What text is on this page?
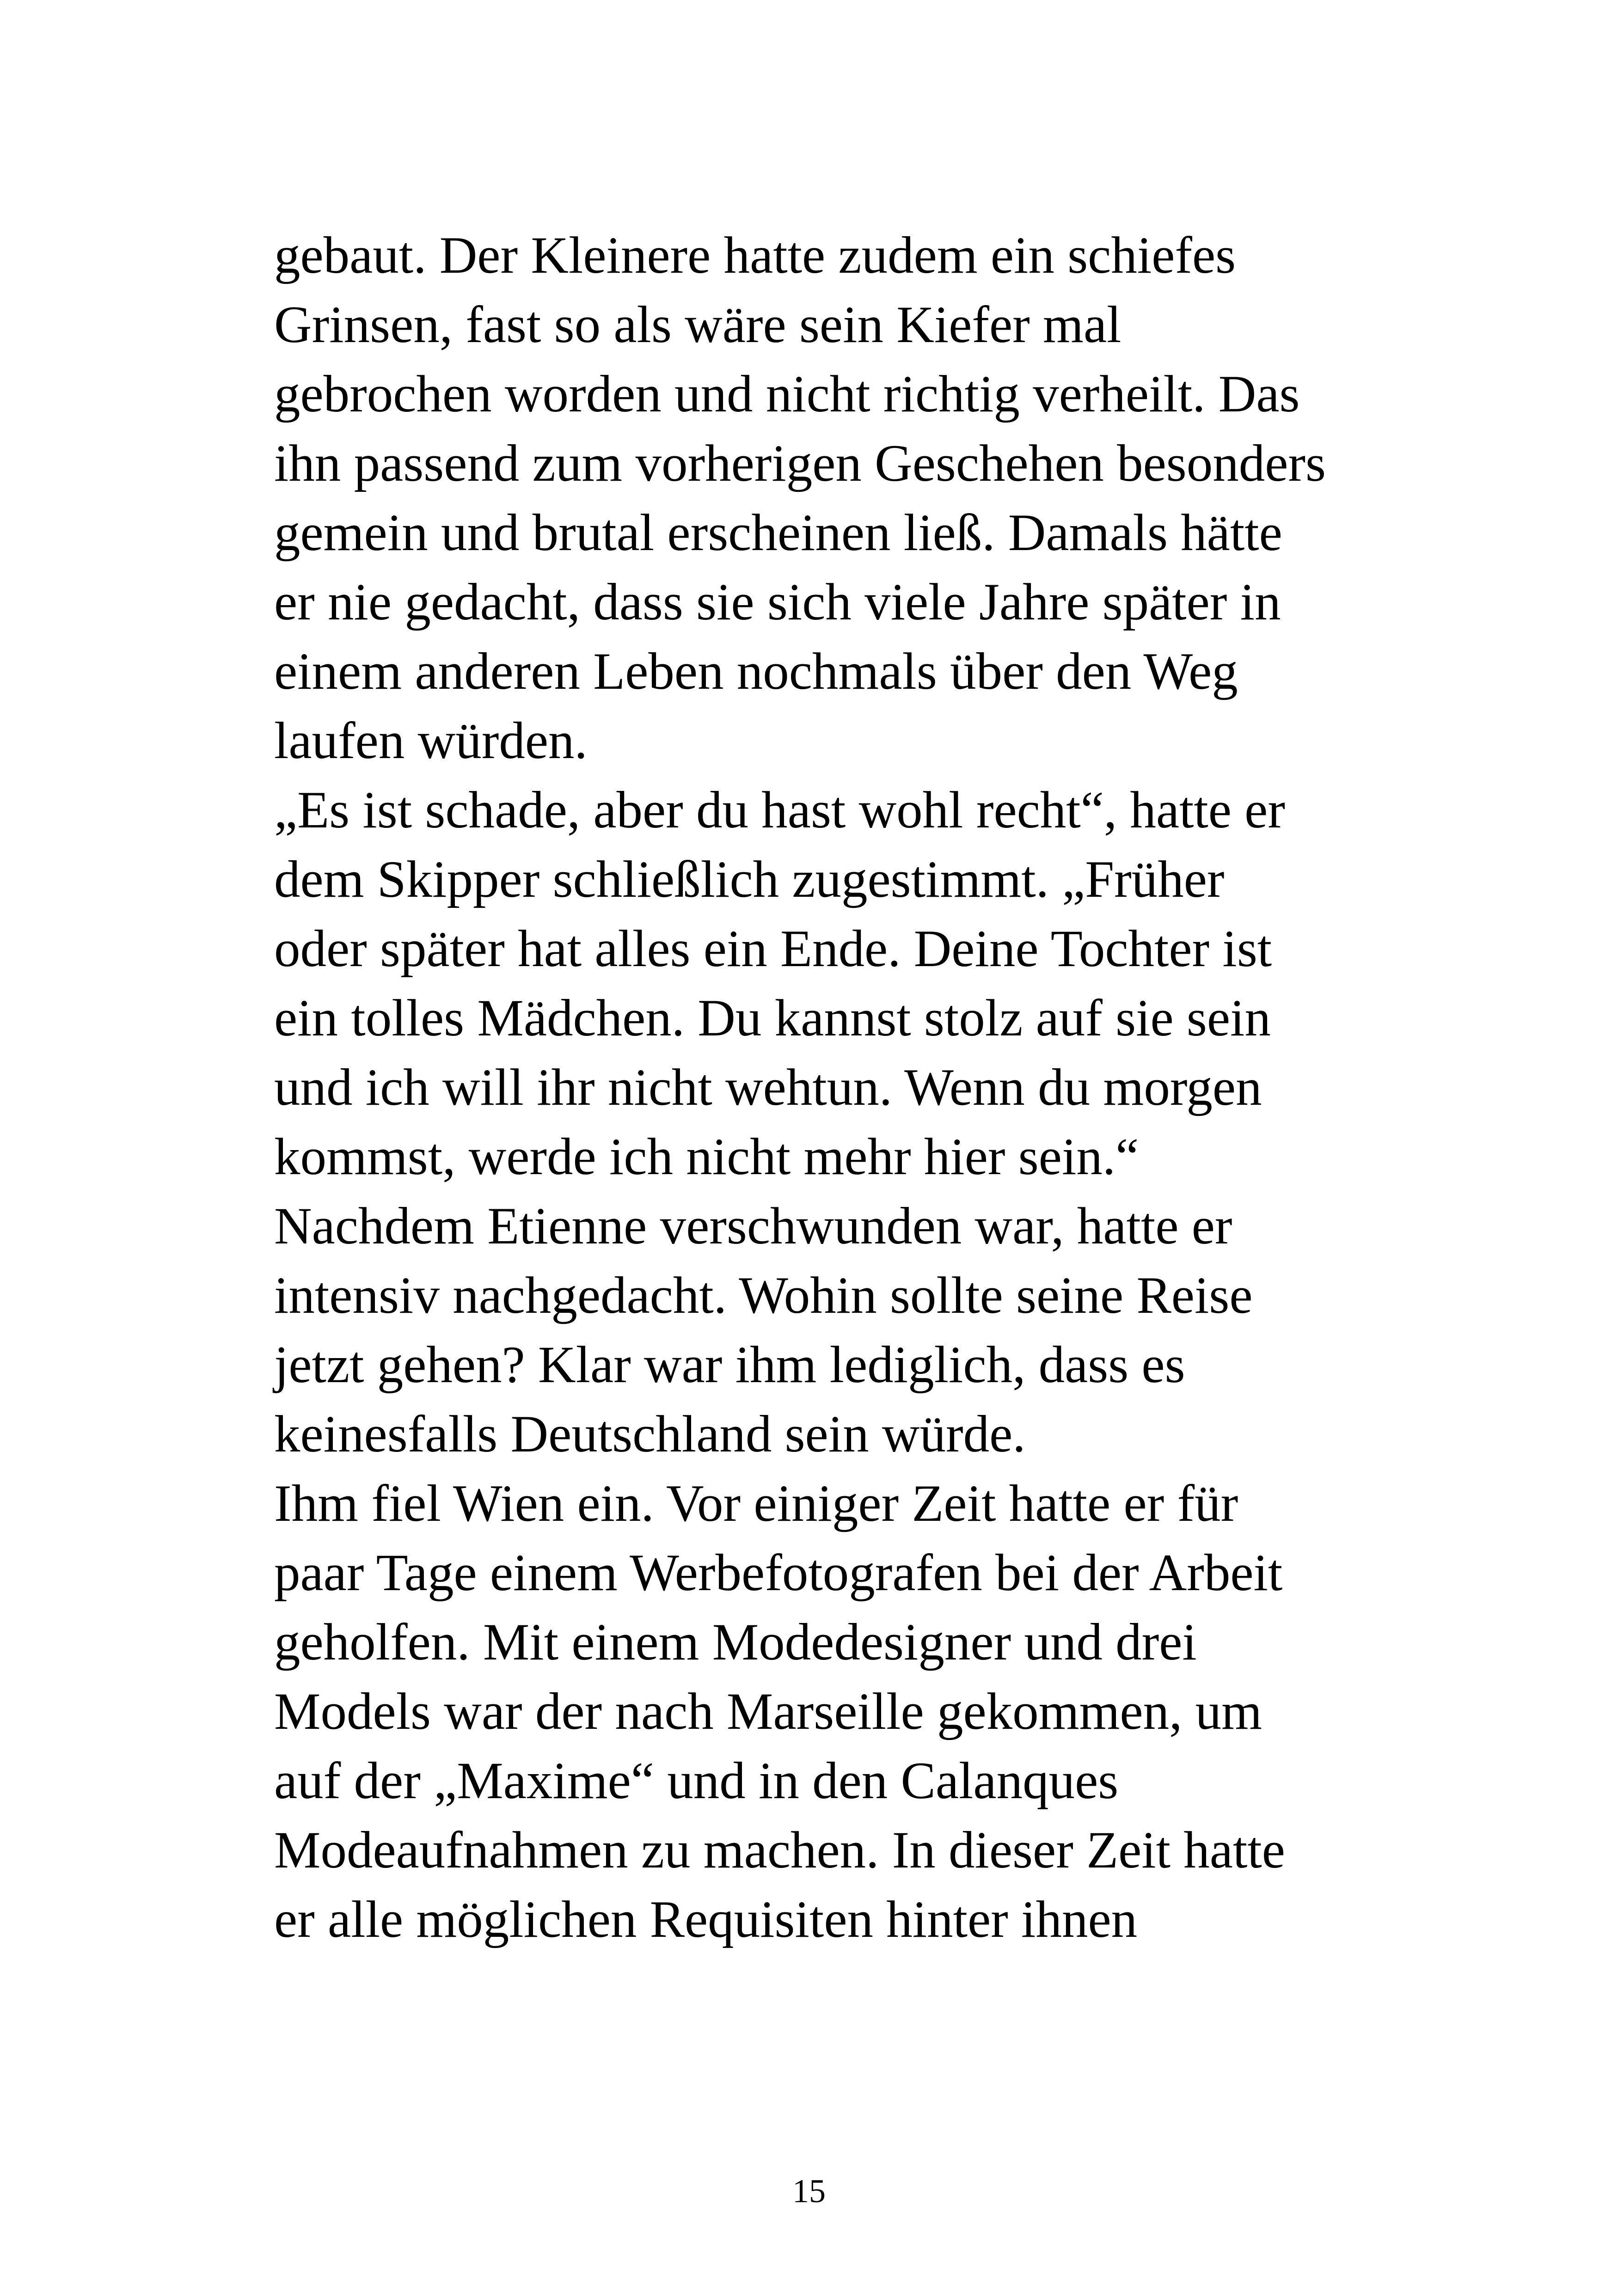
gebaut. Der Kleinere hatte zudem ein schiefes
Grinsen, fast so als wäre sein Kiefer mal
gebrochen worden und nicht richtig verheilt. Das
ihn passend zum vorherigen Geschehen besonders
gemein und brutal erscheinen ließ. Damals hätte
er nie gedacht, dass sie sich viele Jahre später in
einem anderen Leben nochmals über den Weg
laufen würden.
„Es ist schade, aber du hast wohl recht“, hatte er
dem Skipper schließlich zugestimmt. „Früher
oder später hat alles ein Ende. Deine Tochter ist
ein tolles Mädchen. Du kannst stolz auf sie sein
und ich will ihr nicht wehtun. Wenn du morgen
kommst, werde ich nicht mehr hier sein.“
Nachdem Etienne verschwunden war, hatte er
intensiv nachgedacht. Wohin sollte seine Reise
jetzt gehen? Klar war ihm lediglich, dass es
keinesfalls Deutschland sein würde.
Ihm fiel Wien ein. Vor einiger Zeit hatte er für
paar Tage einem Werbefotografen bei der Arbeit
geholfen. Mit einem Modedesigner und drei
Models war der nach Marseille gekommen, um
auf der „Maxime“ und in den Calanques
Modeaufnahmen zu machen. In dieser Zeit hatte
er alle möglichen Requisiten hinter ihnen
15
